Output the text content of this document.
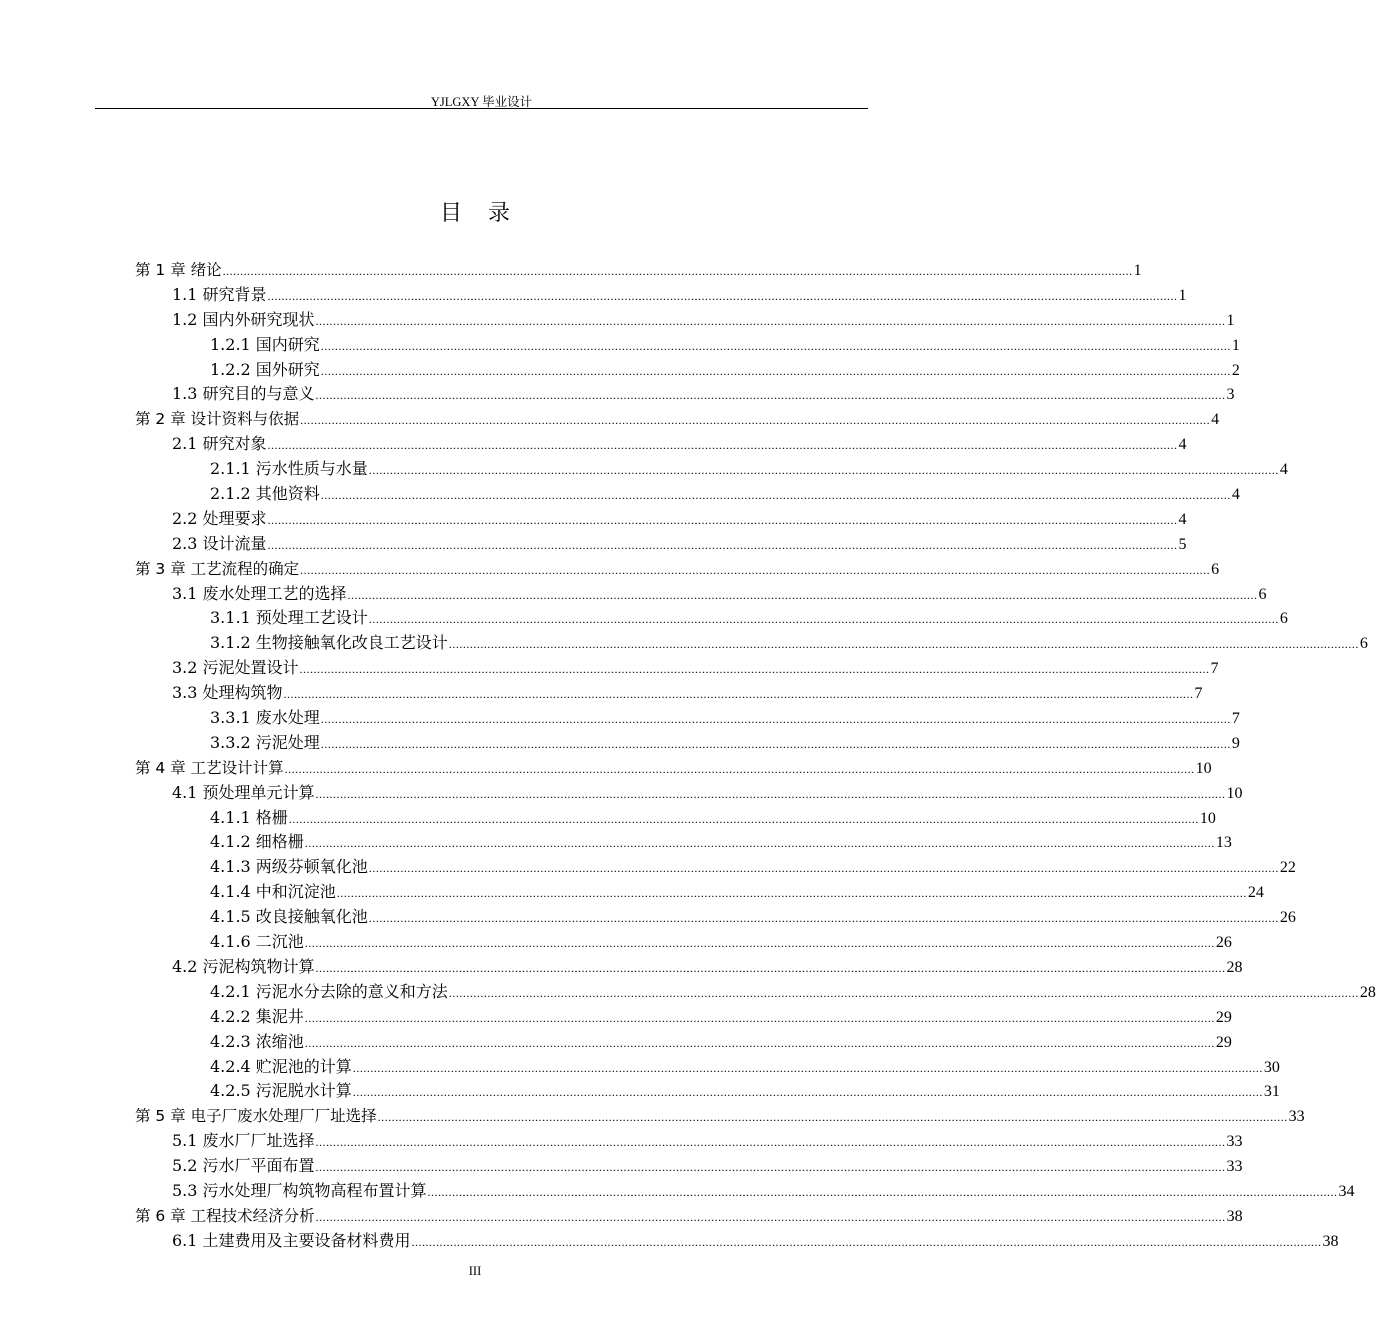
YJLGXY 毕业设计
目录
第 1 章 绪论 .................................................................................................................................................................................................................................................................... 1
1.1 研究背景 .................................................................................................................................................................................................................................................................... 1
1.2 国内外研究现状 .................................................................................................................................................................................................................................................................... 1
1.2.1 国内研究 .................................................................................................................................................................................................................................................................... 1
1.2.2 国外研究 .................................................................................................................................................................................................................................................................... 2
1.3 研究目的与意义 .................................................................................................................................................................................................................................................................... 3
第 2 章 设计资料与依据 .................................................................................................................................................................................................................................................................... 4
2.1 研究对象 .................................................................................................................................................................................................................................................................... 4
2.1.1 污水性质与水量 .................................................................................................................................................................................................................................................................... 4
2.1.2 其他资料 .................................................................................................................................................................................................................................................................... 4
2.2 处理要求 .................................................................................................................................................................................................................................................................... 4
2.3 设计流量 .................................................................................................................................................................................................................................................................... 5
第 3 章 工艺流程的确定 .................................................................................................................................................................................................................................................................... 6
3.1 废水处理工艺的选择 .................................................................................................................................................................................................................................................................... 6
3.1.1 预处理工艺设计 .................................................................................................................................................................................................................................................................... 6
3.1.2 生物接触氧化改良工艺设计 .................................................................................................................................................................................................................................................................... 6
3.2 污泥处置设计 .................................................................................................................................................................................................................................................................... 7
3.3 处理构筑物 .................................................................................................................................................................................................................................................................... 7
3.3.1 废水处理 .................................................................................................................................................................................................................................................................... 7
3.3.2 污泥处理 .................................................................................................................................................................................................................................................................... 9
第 4 章 工艺设计计算 .................................................................................................................................................................................................................................................................... 10
4.1 预处理单元计算 .................................................................................................................................................................................................................................................................... 10
4.1.1 格栅 .................................................................................................................................................................................................................................................................... 10
4.1.2 细格栅 .................................................................................................................................................................................................................................................................... 13
4.1.3 两级芬顿氧化池 .................................................................................................................................................................................................................................................................... 22
4.1.4 中和沉淀池 .................................................................................................................................................................................................................................................................... 24
4.1.5 改良接触氧化池 .................................................................................................................................................................................................................................................................... 26
4.1.6 二沉池 .................................................................................................................................................................................................................................................................... 26
4.2 污泥构筑物计算 .................................................................................................................................................................................................................................................................... 28
4.2.1 污泥水分去除的意义和方法 .................................................................................................................................................................................................................................................................... 28
4.2.2 集泥井 .................................................................................................................................................................................................................................................................... 29
4.2.3 浓缩池 .................................................................................................................................................................................................................................................................... 29
4.2.4 贮泥池的计算 .................................................................................................................................................................................................................................................................... 30
4.2.5 污泥脱水计算 .................................................................................................................................................................................................................................................................... 31
第 5 章 电子厂废水处理厂厂址选择 .................................................................................................................................................................................................................................................................... 33
5.1 废水厂厂址选择 .................................................................................................................................................................................................................................................................... 33
5.2 污水厂平面布置 .................................................................................................................................................................................................................................................................... 33
5.3 污水处理厂构筑物高程布置计算 .................................................................................................................................................................................................................................................................... 34
第 6 章 工程技术经济分析 .................................................................................................................................................................................................................................................................... 38
6.1 土建费用及主要设备材料费用 .................................................................................................................................................................................................................................................................... 38
III
